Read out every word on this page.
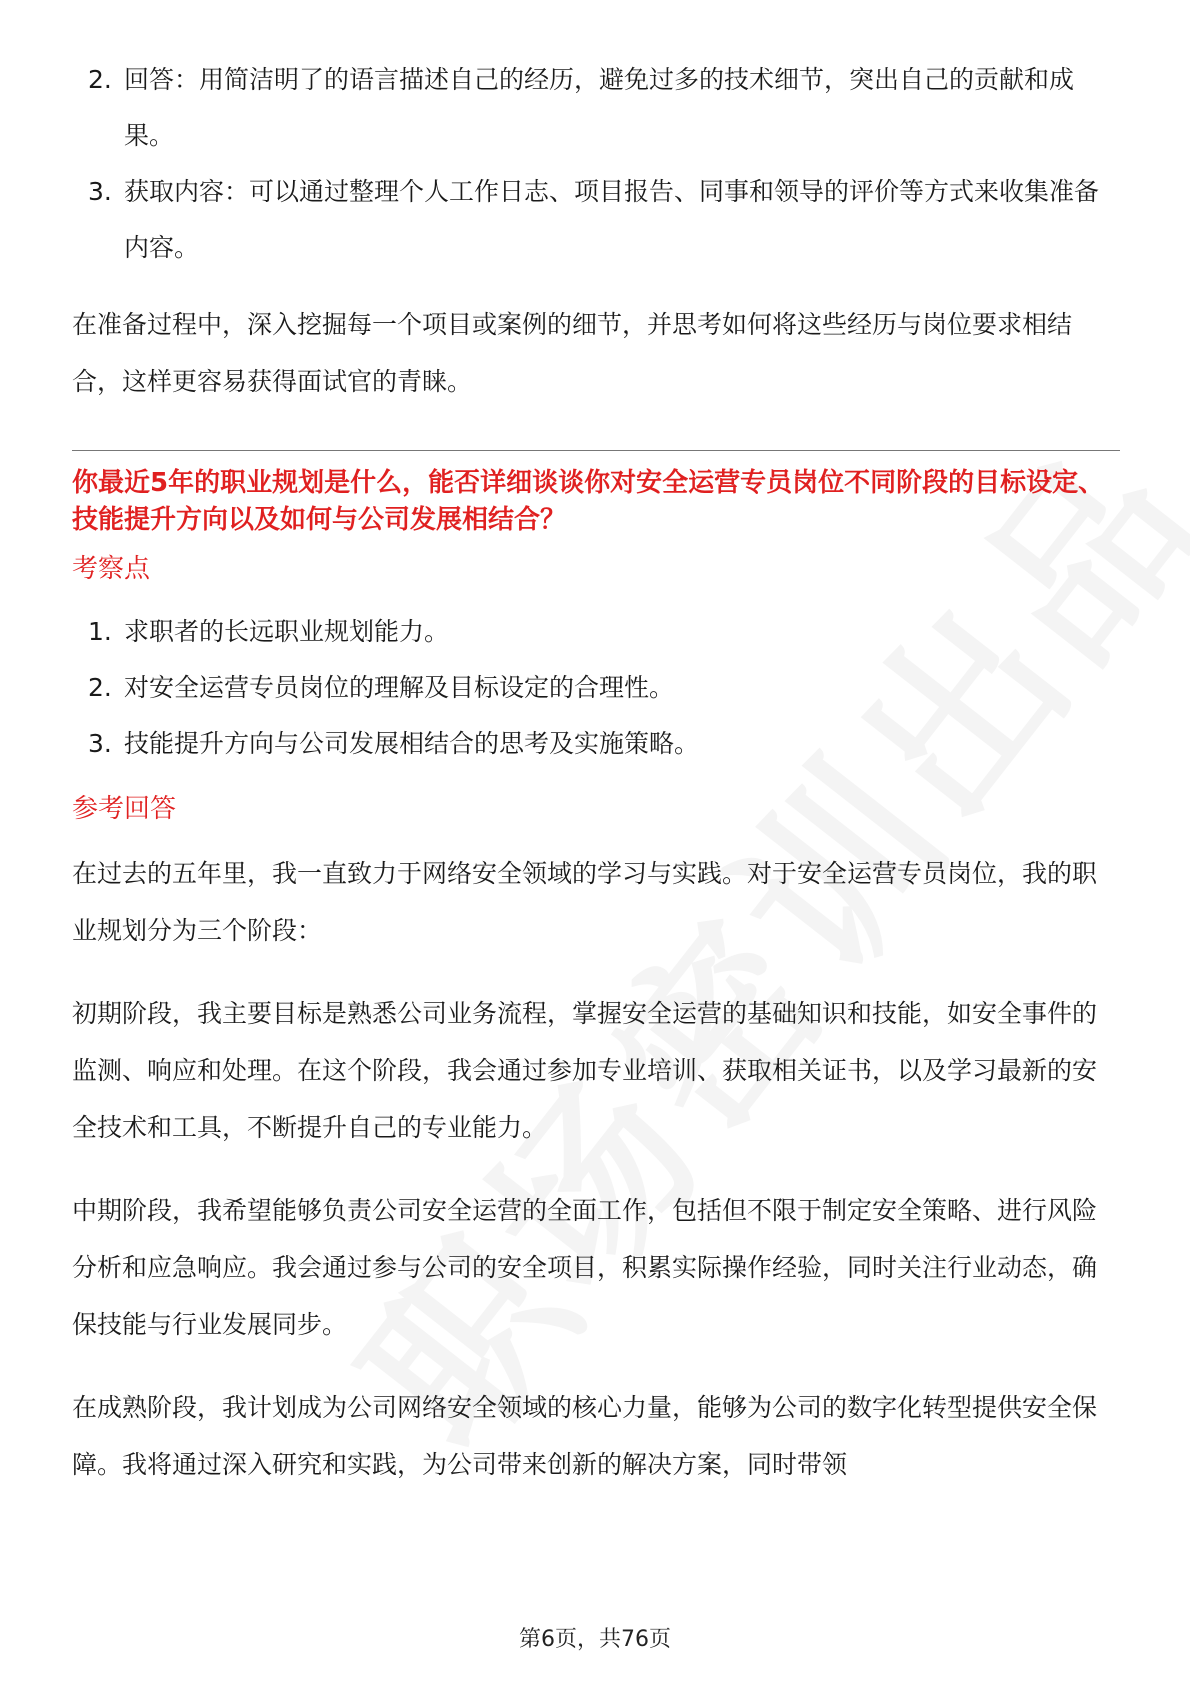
2. 回答：用简洁明了的语言描述自己的经历，避免过多的技术细节，突出自己的贡献和成果。
3. 获取内容：可以通过整理个人工作日志、项目报告、同事和领导的评价等方式来收集准备内容。

在准备过程中，深入挖掘每一个项目或案例的细节，并思考如何将这些经历与岗位要求相结合，这样更容易获得面试官的青睐。

你最近5年的职业规划是什么，能否详细谈谈你对安全运营专员岗位不同阶段的目标设定、技能提升方向以及如何与公司发展相结合？

考察点
1. 求职者的长远职业规划能力。
2. 对安全运营专员岗位的理解及目标设定的合理性。
3. 技能提升方向与公司发展相结合的思考及实施策略。
参考回答

在过去的五年里，我一直致力于网络安全领域的学习与实践。对于安全运营专员岗位，我的职业规划分为三个阶段：

初期阶段，我主要目标是熟悉公司业务流程，掌握安全运营的基础知识和技能，如安全事件的监测、响应和处理。在这个阶段，我会通过参加专业培训、获取相关证书，以及学习最新的安全技术和工具，不断提升自己的专业能力。

中期阶段，我希望能够负责公司安全运营的全面工作，包括但不限于制定安全策略、进行风险分析和应急响应。我会通过参与公司的安全项目，积累实际操作经验，同时关注行业动态，确保技能与行业发展同步。

在成熟阶段，我计划成为公司网络安全领域的核心力量，能够为公司的数字化转型提供安全保障。我将通过深入研究和实践，为公司带来创新的解决方案，同时带领

第6页，共76页
